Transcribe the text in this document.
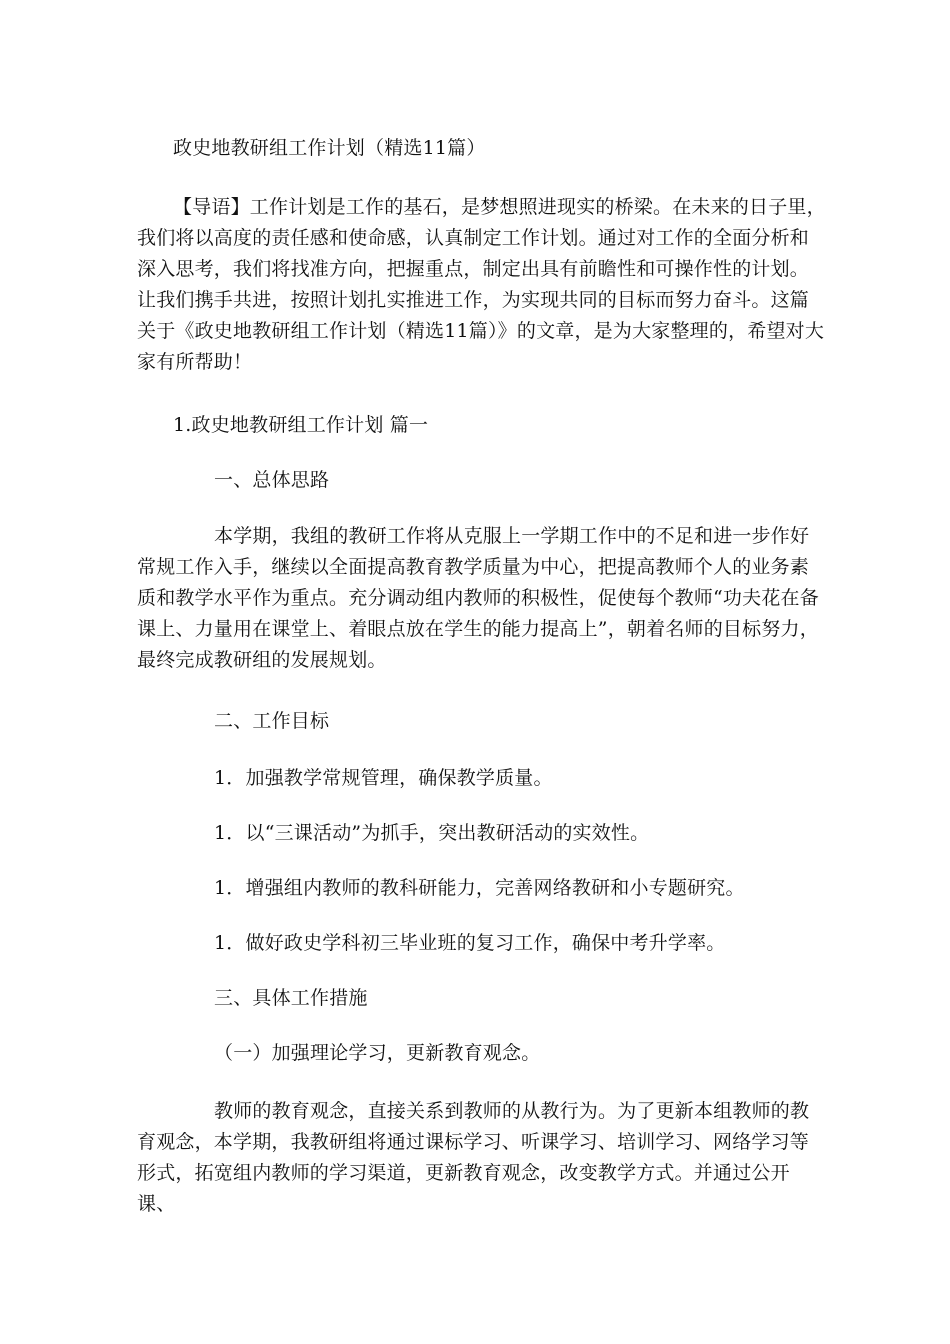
政史地教研组工作计划（精选11篇）
【导语】工作计划是工作的基石，是梦想照进现实的桥梁。在未来的日子里，我们将以高度的责任感和使命感，认真制定工作计划。通过对工作的全面分析和深入思考，我们将找准方向，把握重点，制定出具有前瞻性和可操作性的计划。让我们携手共进，按照计划扎实推进工作，为实现共同的目标而努力奋斗。这篇关于《政史地教研组工作计划（精选11篇）》的文章，是为大家整理的，希望对大家有所帮助！
1.政史地教研组工作计划 篇一
一、总体思路
本学期，我组的教研工作将从克服上一学期工作中的不足和进一步作好常规工作入手，继续以全面提高教育教学质量为中心，把提高教师个人的业务素质和教学水平作为重点。充分调动组内教师的积极性，促使每个教师“功夫花在备课上、力量用在课堂上、着眼点放在学生的能力提高上”，朝着名师的目标努力，最终完成教研组的发展规划。
二、工作目标
1．加强教学常规管理，确保教学质量。
1．以“三课活动”为抓手，突出教研活动的实效性。
1．增强组内教师的教科研能力，完善网络教研和小专题研究。
1．做好政史学科初三毕业班的复习工作，确保中考升学率。
三、具体工作措施
（一）加强理论学习，更新教育观念。
教师的教育观念，直接关系到教师的从教行为。为了更新本组教师的教育观念，本学期，我教研组将通过课标学习、听课学习、培训学习、网络学习等形式，拓宽组内教师的学习渠道，更新教育观念，改变教学方式。并通过公开课、
